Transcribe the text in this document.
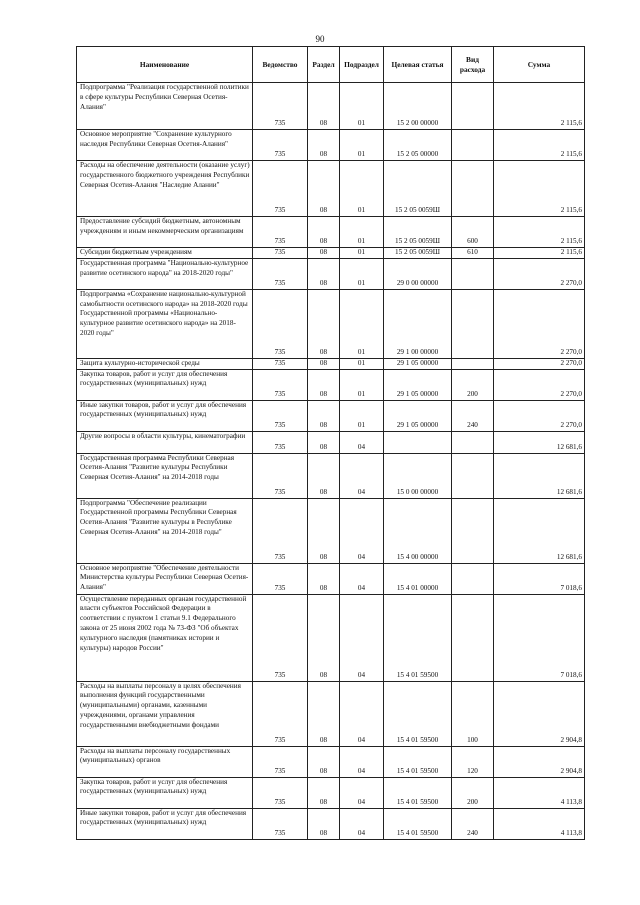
90
Наименование	Ведомство	Раздел	Подраздел	Целевая статья	Вид расхода	Сумма
Подпрограмма "Реализация государственной политики в сфере культуры Республики Северная Осетия-Алания"	735	08	01	15 2 00 00000		2 115,6
Основное мероприятие "Сохранение культурного наследия Республики Северная Осетия-Алания"	735	08	01	15 2 05 00000		2 115,6
Расходы на обеспечение деятельности (оказание услуг) государственного бюджетного учреждения Республики Северная Осетия-Алания "Наследие Алании"	735	08	01	15 2 05 0059Ш		2 115,6
Предоставление субсидий бюджетным, автономным учреждениям и иным некоммерческим организациям	735	08	01	15 2 05 0059Ш	600	2 115,6
Субсидии бюджетным учреждениям	735	08	01	15 2 05 0059Ш	610	2 115,6
Государственная программа "Национально-культурное развитие осетинского народа" на 2018-2020 годы"	735	08	01	29 0 00 00000		2 270,0
Подпрограмма «Сохранение национально-культурной самобытности осетинского народа» на 2018-2020 годы Государственной программы «Национально-культурное развитие осетинского народа» на 2018-2020 годы"	735	08	01	29 1 00 00000		2 270,0
Защита культурно-исторической среды	735	08	01	29 1 05 00000		2 270,0
Закупка товаров, работ и услуг для обеспечения государственных (муниципальных) нужд	735	08	01	29 1 05 00000	200	2 270,0
Иные закупки товаров, работ и услуг для обеспечения государственных (муниципальных) нужд	735	08	01	29 1 05 00000	240	2 270,0
Другие вопросы в области культуры, кинематографии	735	08	04			12 681,6
Государственная программа Республики Северная Осетия-Алания "Развитие культуры Республики Северная Осетия-Алания" на 2014-2018 годы	735	08	04	15 0 00 00000		12 681,6
Подпрограмма "Обеспечение реализации Государственной программы Республики Северная Осетия-Алания "Развитие культуры в Республике Северная Осетия-Алания" на 2014-2018 годы"	735	08	04	15 4 00 00000		12 681,6
Основное мероприятие "Обеспечение деятельности Министерства культуры Республики Северная Осетия-Алания"	735	08	04	15 4 01 00000		7 018,6
Осуществление переданных органам государственной власти субъектов Российской Федерации в соответствии с пунктом 1 статьи 9.1 Федерального закона от 25 июня 2002 года № 73-ФЗ "Об объектах культурного наследия (памятниках истории и культуры) народов России"	735	08	04	15 4 01 59500		7 018,6
Расходы на выплаты персоналу в целях обеспечения выполнения функций государственными (муниципальными) органами, казенными учреждениями, органами управления государственными внебюджетными фондами	735	08	04	15 4 01 59500	100	2 904,8
Расходы на выплаты персоналу государственных (муниципальных) органов	735	08	04	15 4 01 59500	120	2 904,8
Закупка товаров, работ и услуг для обеспечения государственных (муниципальных) нужд	735	08	04	15 4 01 59500	200	4 113,8
Иные закупки товаров, работ и услуг для обеспечения государственных (муниципальных) нужд	735	08	04	15 4 01 59500	240	4 113,8
